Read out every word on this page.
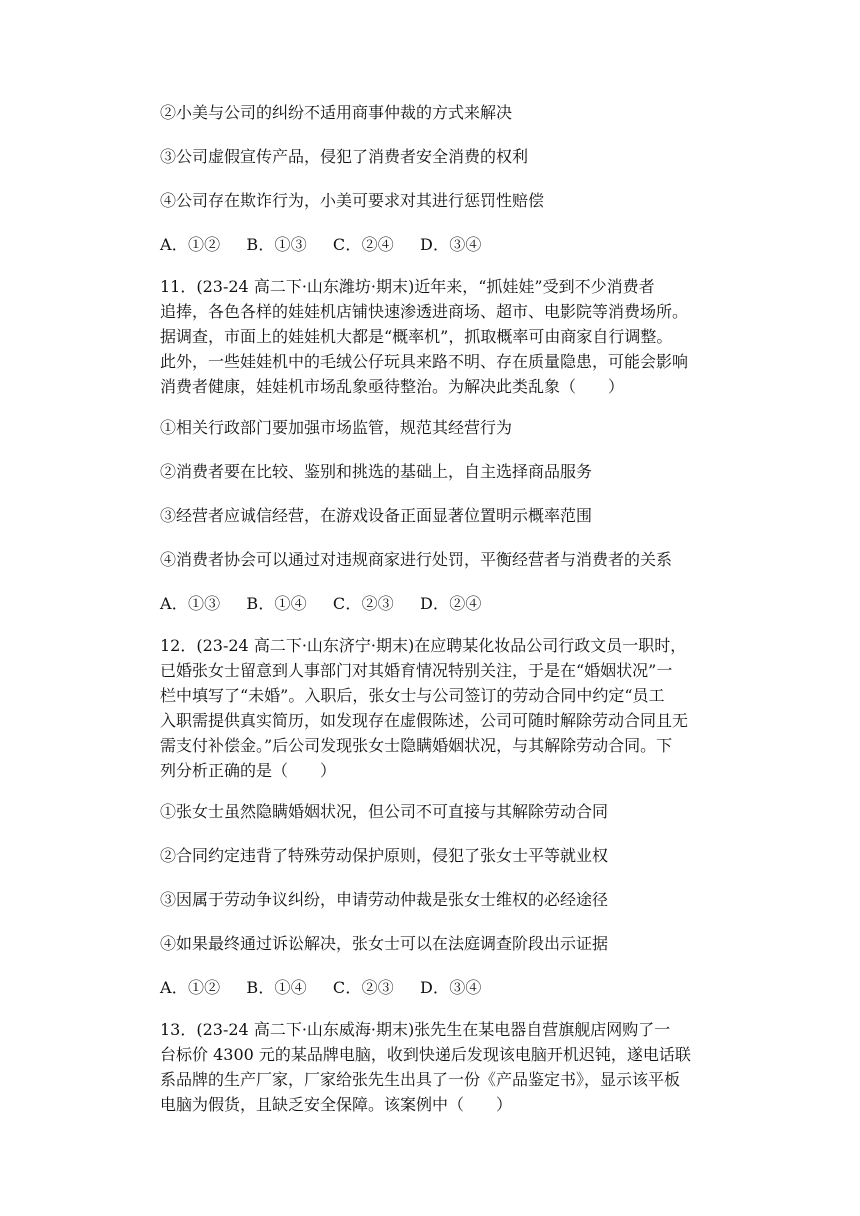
②小美与公司的纠纷不适用商事仲裁的方式来解决

③公司虚假宣传产品，侵犯了消费者安全消费的权利

④公司存在欺诈行为，小美可要求对其进行惩罚性赔偿

A．①② B．①③ C．②④ D．③④

11．(23-24 高二下·山东潍坊·期末)近年来，“抓娃娃”受到不少消费者

追捧，各色各样的娃娃机店铺快速渗透进商场、超市、电影院等消费场所。

据调查，市面上的娃娃机大都是“概率机”，抓取概率可由商家自行调整。

此外，一些娃娃机中的毛绒公仔玩具来路不明、存在质量隐患，可能会影响

消费者健康，娃娃机市场乱象亟待整治。为解决此类乱象（　　）

①相关行政部门要加强市场监管，规范其经营行为

②消费者要在比较、鉴别和挑选的基础上，自主选择商品服务

③经营者应诚信经营，在游戏设备正面显著位置明示概率范围

④消费者协会可以通过对违规商家进行处罚，平衡经营者与消费者的关系

A．①③ B．①④ C．②③ D．②④

12．(23-24 高二下·山东济宁·期末)在应聘某化妆品公司行政文员一职时，

已婚张女士留意到人事部门对其婚育情况特别关注，于是在“婚姻状况”一

栏中填写了“未婚”。入职后，张女士与公司签订的劳动合同中约定“员工

入职需提供真实简历，如发现存在虚假陈述，公司可随时解除劳动合同且无

需支付补偿金。”后公司发现张女士隐瞒婚姻状况，与其解除劳动合同。下

列分析正确的是（　　）

①张女士虽然隐瞒婚姻状况，但公司不可直接与其解除劳动合同

②合同约定违背了特殊劳动保护原则，侵犯了张女士平等就业权

③因属于劳动争议纠纷，申请劳动仲裁是张女士维权的必经途径

④如果最终通过诉讼解决，张女士可以在法庭调查阶段出示证据

A．①② B．①④ C．②③ D．③④

13．(23-24 高二下·山东威海·期末)张先生在某电器自营旗舰店网购了一

台标价 4300 元的某品牌电脑，收到快递后发现该电脑开机迟钝，遂电话联

系品牌的生产厂家，厂家给张先生出具了一份《产品鉴定书》，显示该平板

电脑为假货，且缺乏安全保障。该案例中（　　）
